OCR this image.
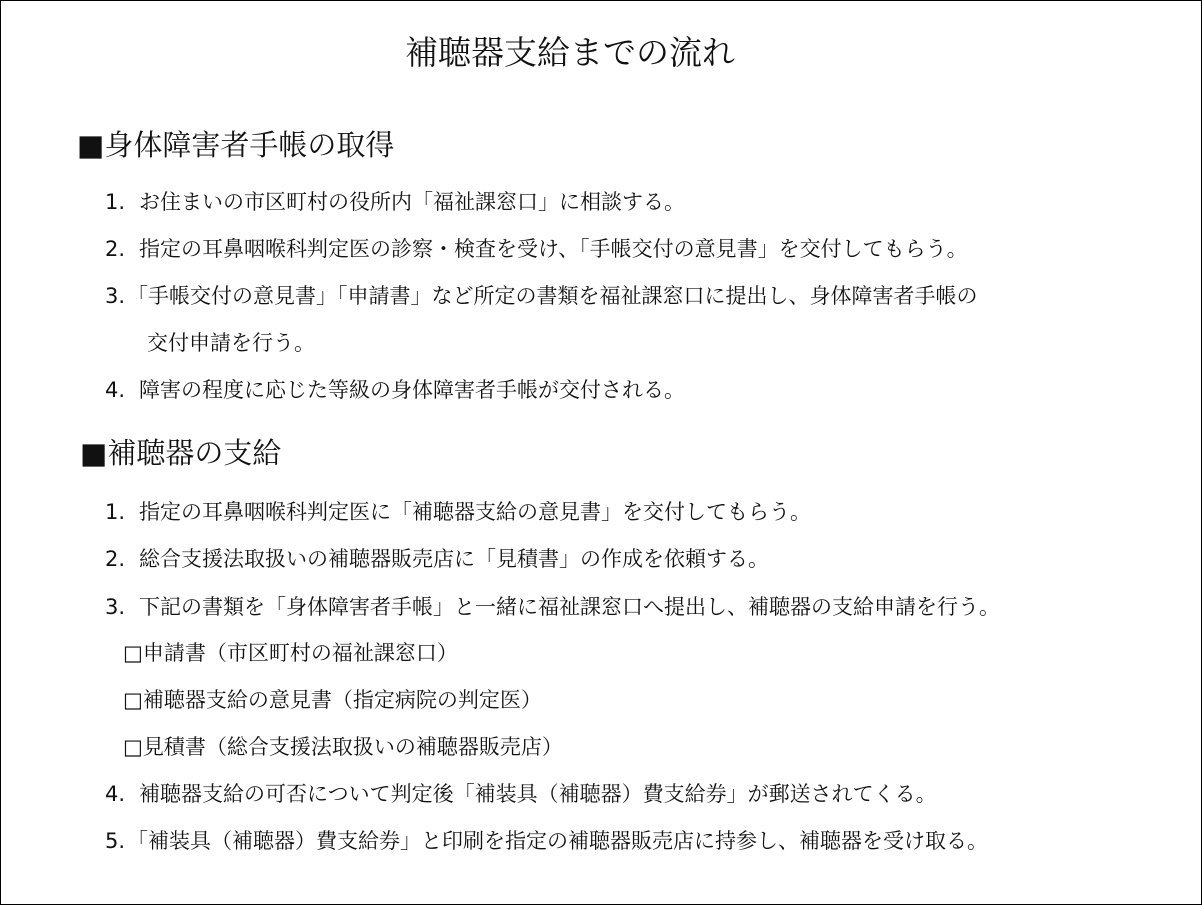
補聴器支給までの流れ
■身体障害者手帳の取得
1. お住まいの市区町村の役所内「福祉課窓口」に相談する。
2. 指定の耳鼻咽喉科判定医の診察・検査を受け、「手帳交付の意見書」を交付してもらう。
3.「手帳交付の意見書」「申請書」など所定の書類を福祉課窓口に提出し、身体障害者手帳の
交付申請を行う。
4. 障害の程度に応じた等級の身体障害者手帳が交付される。
■補聴器の支給
1. 指定の耳鼻咽喉科判定医に「補聴器支給の意見書」を交付してもらう。
2. 総合支援法取扱いの補聴器販売店に「見積書」の作成を依頼する。
3. 下記の書類を「身体障害者手帳」と一緒に福祉課窓口へ提出し、補聴器の支給申請を行う。
□申請書（市区町村の福祉課窓口）
□補聴器支給の意見書（指定病院の判定医）
□見積書（総合支援法取扱いの補聴器販売店）
4. 補聴器支給の可否について判定後「補装具（補聴器）費支給券」が郵送されてくる。
5.「補装具（補聴器）費支給券」と印刷を指定の補聴器販売店に持参し、補聴器を受け取る。
